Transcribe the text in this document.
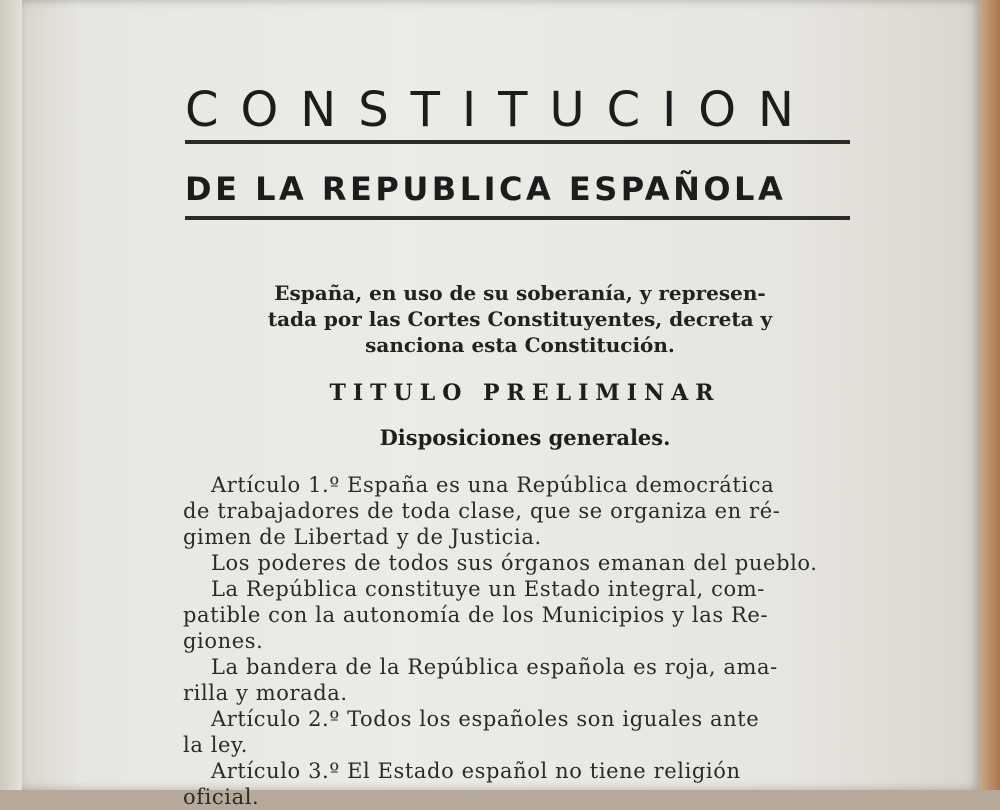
CONSTITUCION
DE LA REPUBLICA ESPAÑOLA

España, en uso de su soberanía, y represen-
tada por las Cortes Constituyentes, decreta y
sanciona esta Constitución.

TITULO PRELIMINAR
Disposiciones generales.
Artículo 1.º España es una República democrática
de trabajadores de toda clase, que se organiza en ré-
gimen de Libertad y de Justicia.
Los poderes de todos sus órganos emanan del pueblo.
La República constituye un Estado integral, com-
patible con la autonomía de los Municipios y las Re-
giones.
La bandera de la República española es roja, ama-
rilla y morada.
Artículo 2.º Todos los españoles son iguales ante
la ley.
Artículo 3.º El Estado español no tiene religión
oficial.
